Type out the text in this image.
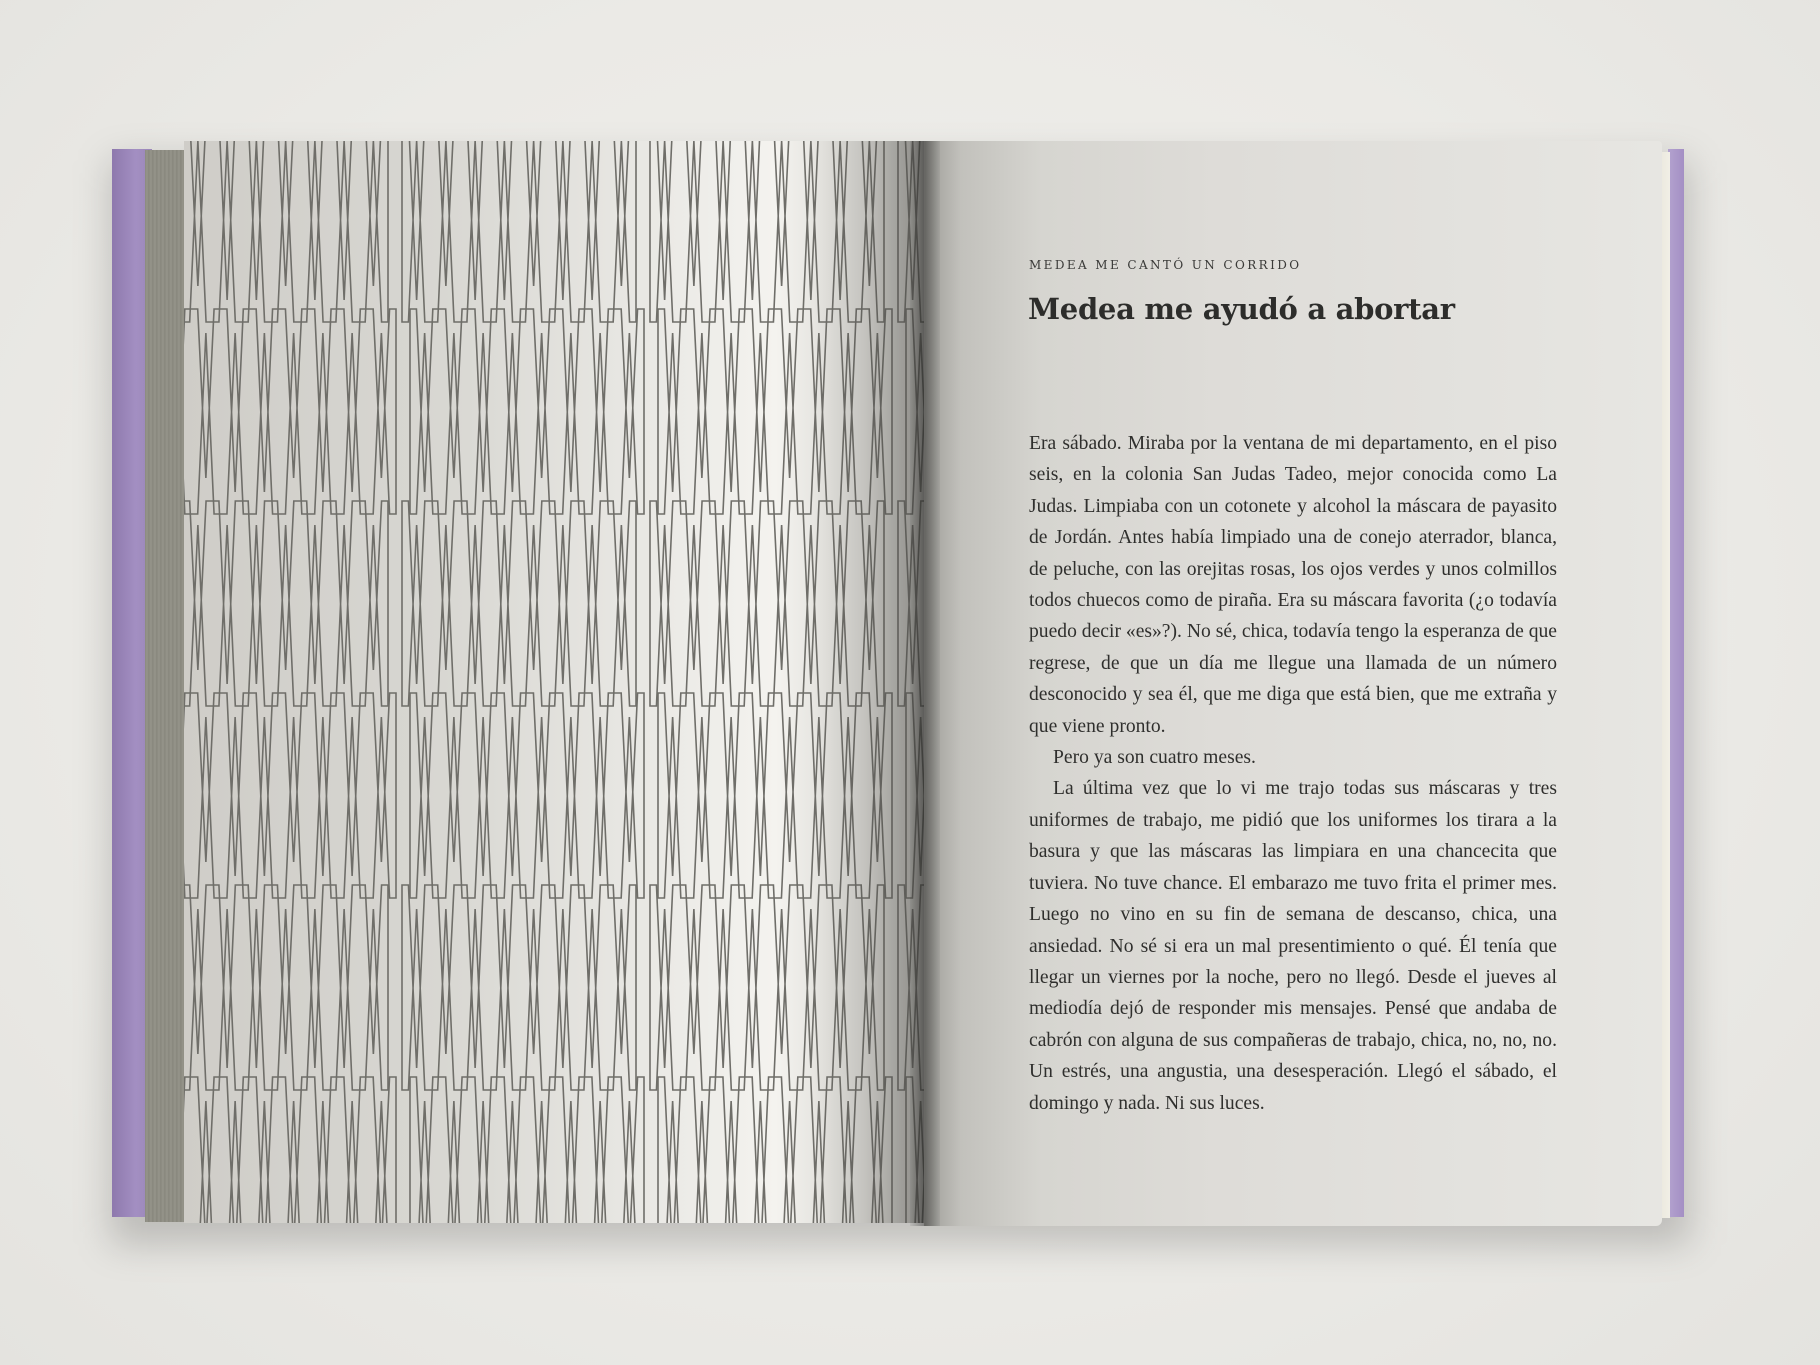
MEDEA ME CANTÓ UN CORRIDO
Medea me ayudó a abortar

Era sábado. Miraba por la ventana de mi departamento, en el piso seis, en la colonia San Judas Tadeo, mejor conocida como La Judas. Limpiaba con un cotonete y alcohol la máscara de payasito de Jordán. Antes había limpiado una de conejo aterrador, blanca, de peluche, con las orejitas rosas, los ojos verdes y unos colmillos todos chuecos como de piraña. Era su máscara favorita (¿o todavía puedo decir «es»?). No sé, chica, todavía tengo la esperanza de que regrese, de que un día me llegue una llamada de un número desconocido y sea él, que me diga que está bien, que me extraña y que viene pronto.

Pero ya son cuatro meses.

La última vez que lo vi me trajo todas sus máscaras y tres uniformes de trabajo, me pidió que los uniformes los tirara a la basura y que las máscaras las limpiara en una chancecita que tuviera. No tuve chance. El embarazo me tuvo frita el primer mes. Luego no vino en su fin de semana de descanso, chica, una ansiedad. No sé si era un mal presentimiento o qué. Él tenía que llegar un viernes por la noche, pero no llegó. Desde el jueves al mediodía dejó de responder mis mensajes. Pensé que andaba de cabrón con alguna de sus compañeras de trabajo, chica, no, no, no. Un estrés, una angustia, una desesperación. Llegó el sábado, el domingo y nada. Ni sus luces.
